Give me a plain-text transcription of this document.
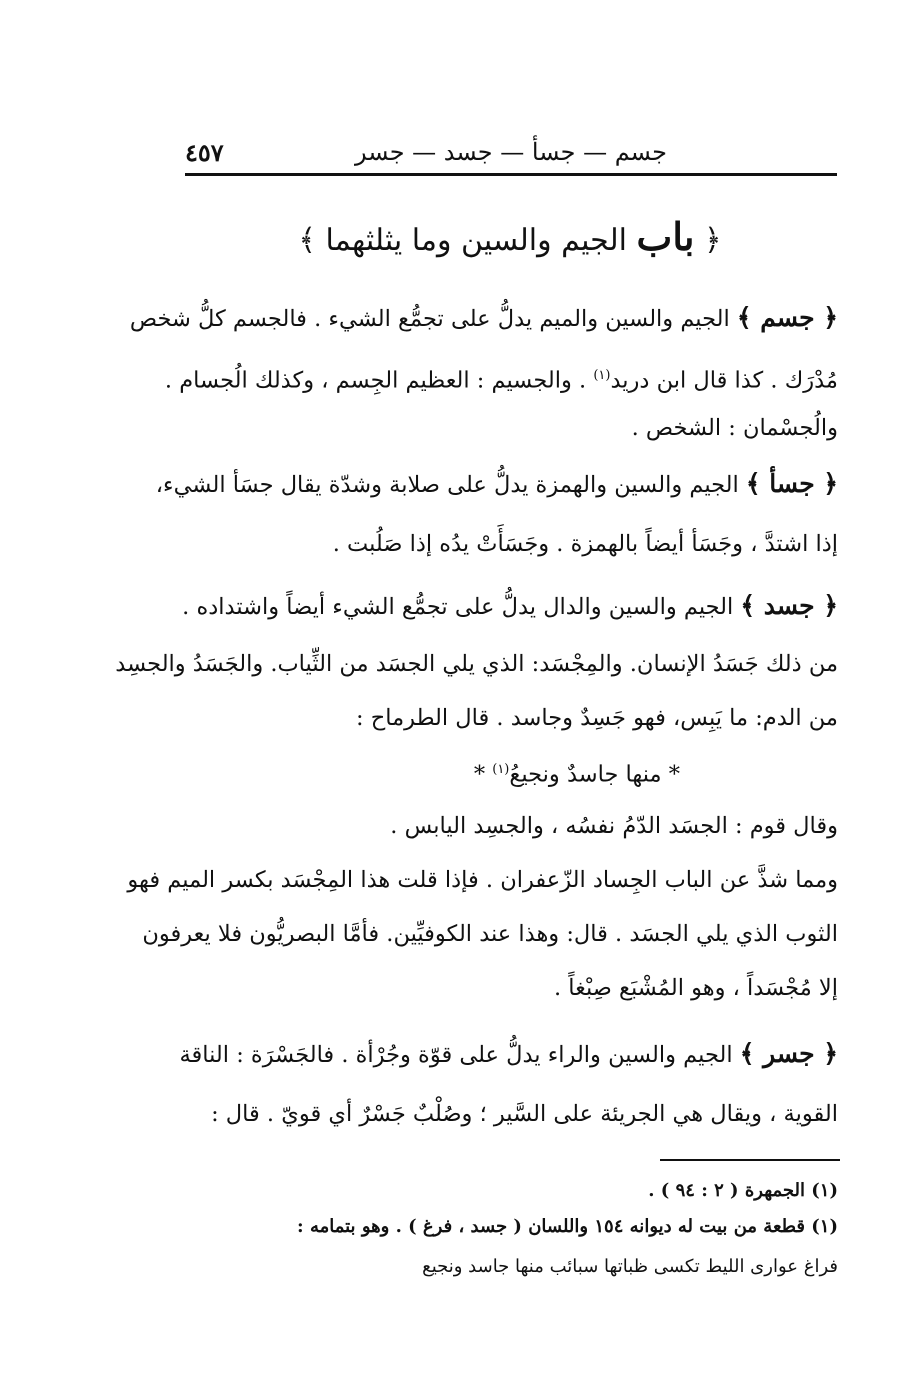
٤٥٧	جسم — جسأ — جسد — جسر
﴿ باب الجيم والسين وما يثلثهما ﴾
﴿ جسم ﴾ الجيم والسين والميم يدلُّ على تجمُّع الشيء . فالجسم كلُّ شخص
مُدْرَك . كذا قال ابن دريد$^{(١)}$ . والجسيم : العظيم الجِسم ، وكذلك الُجسام .
والُجسْمان : الشخص .
﴿ جسأ ﴾ الجيم والسين والهمزة يدلُّ على صلابة وشدّة يقال جسَأ الشيء،
إذا اشتدَّ ، وجَسَأ أيضاً بالهمزة . وجَسَأَتْ يدُه إذا صَلُبت .
﴿ جسد ﴾ الجيم والسين والدال يدلُّ على تجمُّع الشيء أيضاً واشتداده .
من ذلك جَسَدُ الإنسان. والمِجْسَد: الذي يلي الجسَد من الثِّياب. والجَسَدُ والجسِد
من الدم: ما يَبِس، فهو جَسِدٌ وجاسد . قال الطرماح :
* منها جاسدٌ ونجيعُ$^{(١)}$ *
وقال قوم : الجسَد الدّمُ نفسُه ، والجسِد اليابس .
ومما شذَّ عن الباب الجِساد الزّعفران . فإذا قلت هذا المِجْسَد بكسر الميم فهو
الثوب الذي يلي الجسَد . قال: وهذا عند الكوفيِّين. فأمَّا البصريُّون فلا يعرفون
إلا مُجْسَداً ، وهو المُشْبَع صِبْغاً .
﴿ جسر ﴾ الجيم والسين والراء يدلُّ على قوّة وجُرْأة . فالجَسْرَة : الناقة
القوية ، ويقال هي الجريئة على السَّير ؛ وصُلْبٌ جَسْرٌ أي قويّ . قال :
(١) الجمهرة ( ٢ : ٩٤ ) .
(١) قطعة من بيت له ديوانه ١٥٤ واللسان ( جسد ، فرغ ) . وهو بتمامه :
فراغ عوارى الليط تكسى ظباتها سبائب منها جاسد ونجيع
